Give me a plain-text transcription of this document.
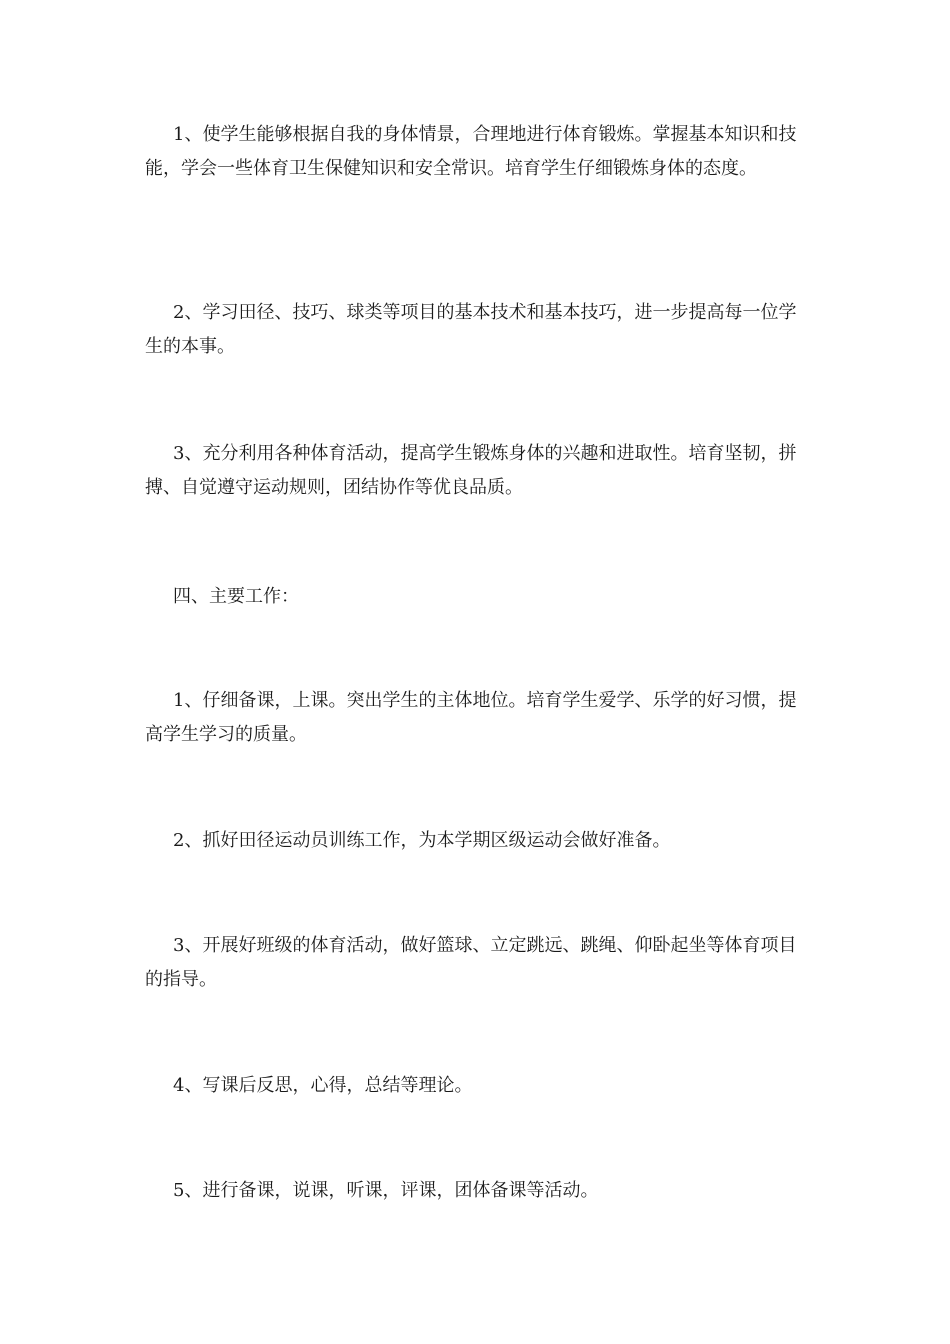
1、使学生能够根据自我的身体情景，合理地进行体育锻炼。掌握基本知识和技能，学会一些体育卫生保健知识和安全常识。培育学生仔细锻炼身体的态度。

2、学习田径、技巧、球类等项目的基本技术和基本技巧，进一步提高每一位学生的本事。

3、充分利用各种体育活动，提高学生锻炼身体的兴趣和进取性。培育坚韧，拼搏、自觉遵守运动规则，团结协作等优良品质。

四、主要工作：

1、仔细备课，上课。突出学生的主体地位。培育学生爱学、乐学的好习惯，提高学生学习的质量。

2、抓好田径运动员训练工作，为本学期区级运动会做好准备。

3、开展好班级的体育活动，做好篮球、立定跳远、跳绳、仰卧起坐等体育项目的指导。

4、写课后反思，心得，总结等理论。

5、进行备课，说课，听课，评课，团体备课等活动。
